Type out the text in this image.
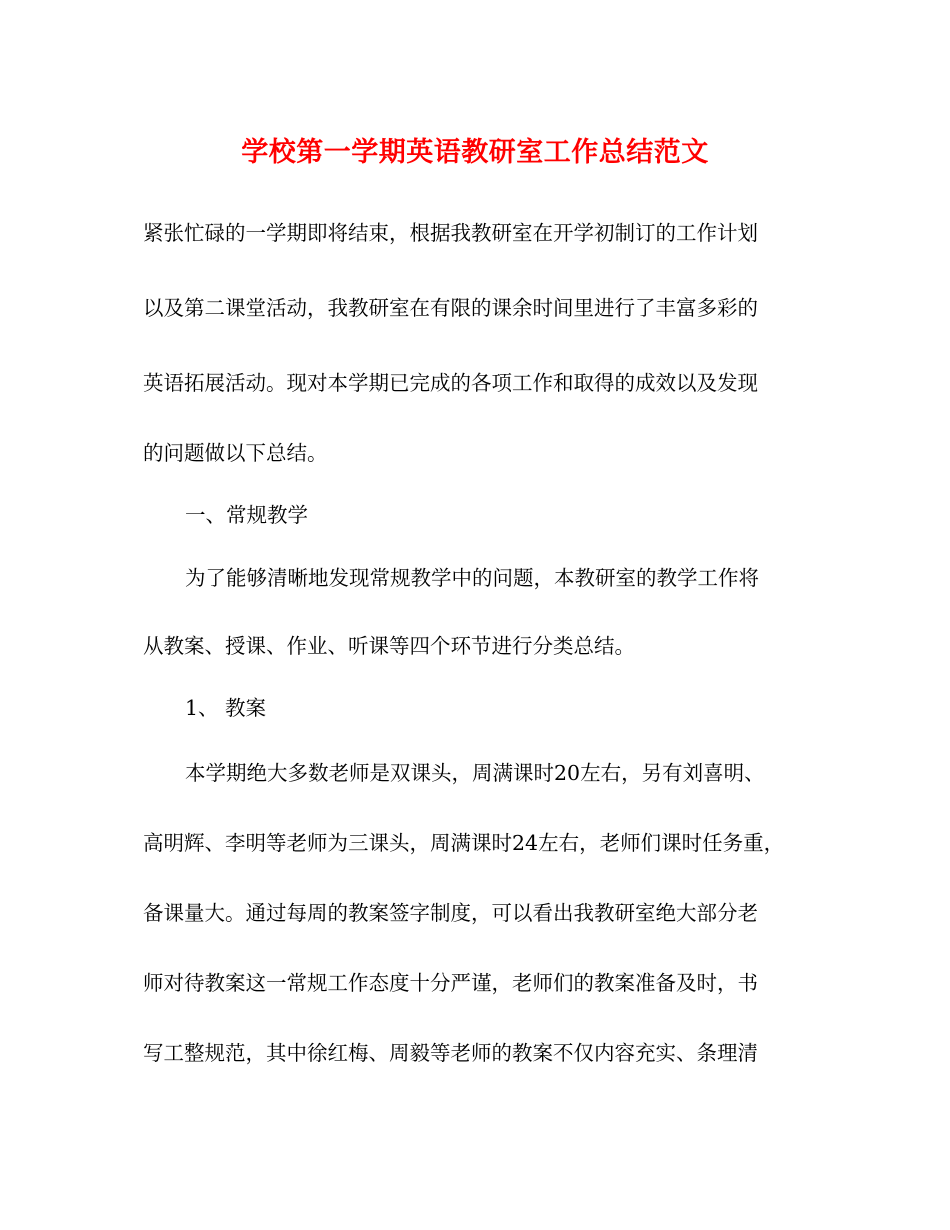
学校第一学期英语教研室工作总结范文
紧张忙碌的一学期即将结束，根据我教研室在开学初制订的工作计划
以及第二课堂活动，我教研室在有限的课余时间里进行了丰富多彩的
英语拓展活动。现对本学期已完成的各项工作和取得的成效以及发现
的问题做以下总结。
一、常规教学
为了能够清晰地发现常规教学中的问题，本教研室的教学工作将
从教案、授课、作业、听课等四个环节进行分类总结。
1、 教案
本学期绝大多数老师是双课头，周满课时20左右，另有刘喜明、
高明辉、李明等老师为三课头，周满课时24左右，老师们课时任务重，
备课量大。通过每周的教案签字制度，可以看出我教研室绝大部分老
师对待教案这一常规工作态度十分严谨，老师们的教案准备及时，书
写工整规范，其中徐红梅、周毅等老师的教案不仅内容充实、条理清
